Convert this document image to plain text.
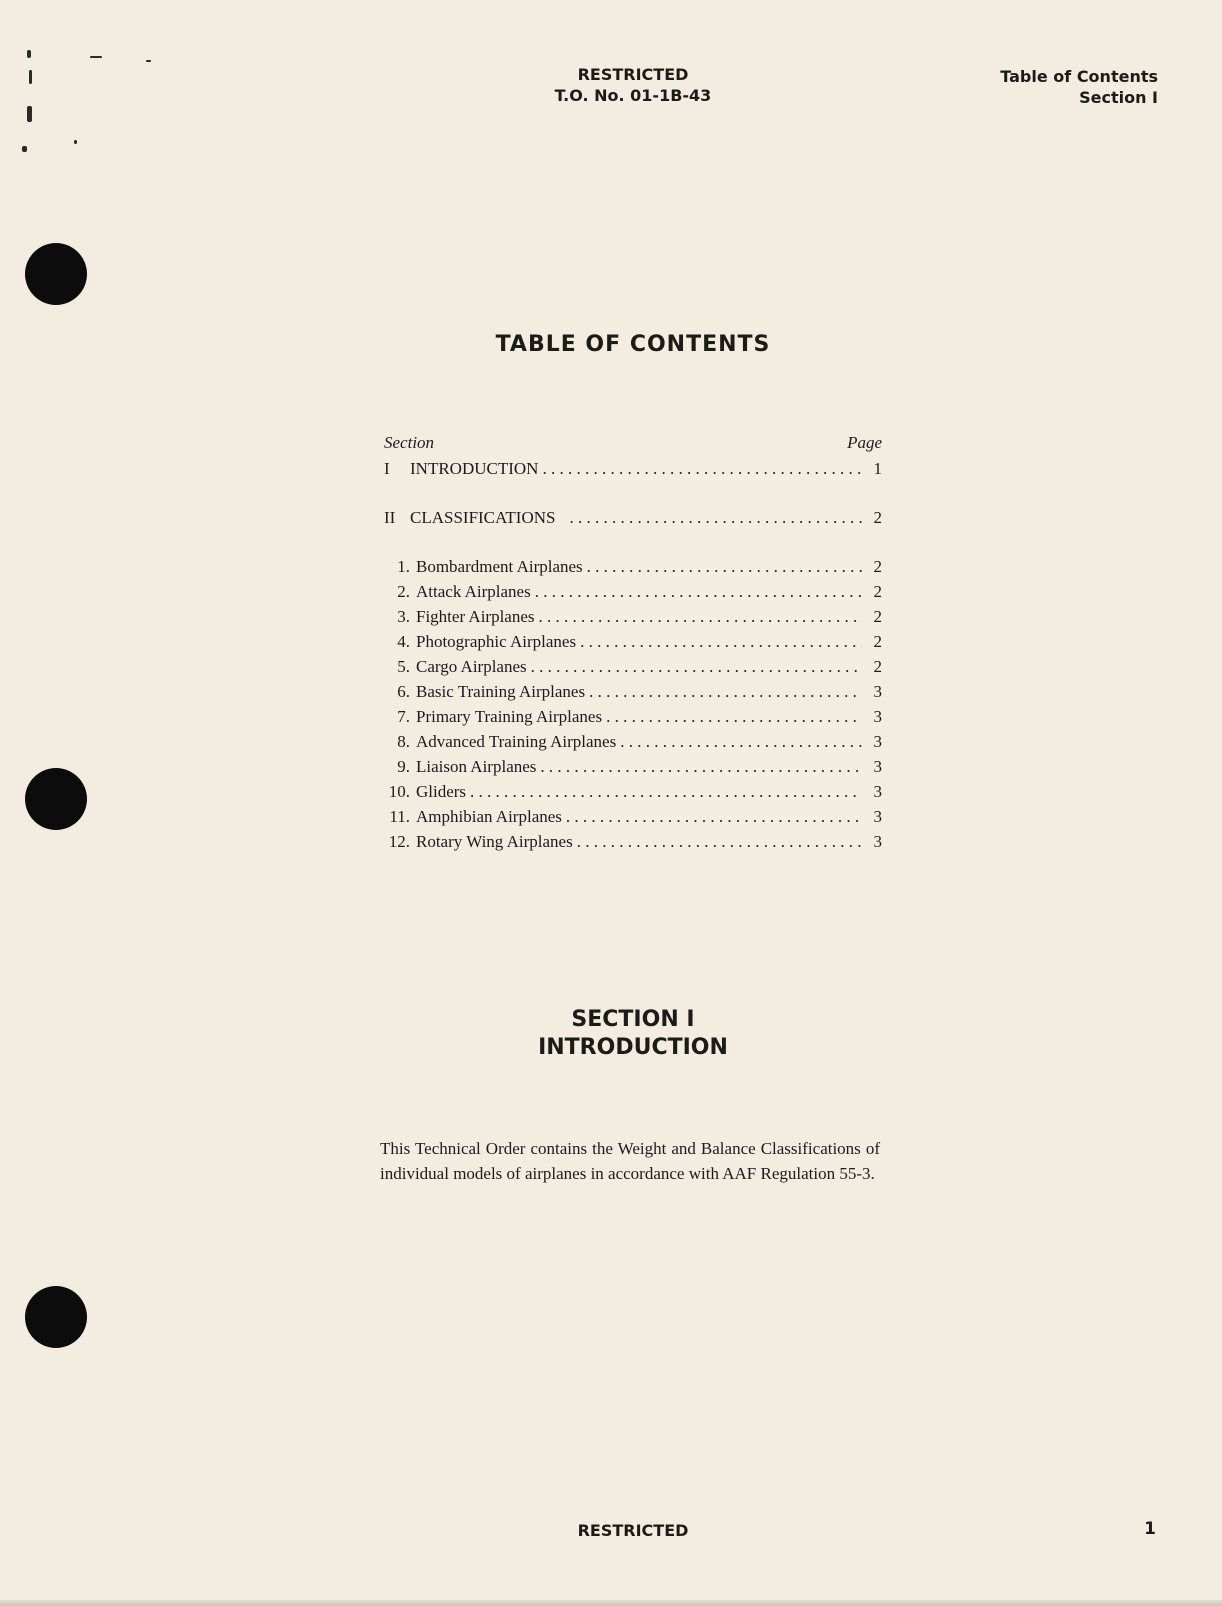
RESTRICTED
T.O. No. 01-1B-43
Table of Contents
Section I
TABLE OF CONTENTS
Section	Page
I	INTRODUCTION . . .	1
II CLASSIFICATIONS . . .	2
1. Bombardment Airplanes . . .	2
2. Attack Airplanes . . .	2
3. Fighter Airplanes . . .	2
4. Photographic Airplanes . . .	2
5. Cargo Airplanes . . .	2
6. Basic Training Airplanes . . .	3
7. Primary Training Airplanes . . .	3
8. Advanced Training Airplanes . . .	3
9. Liaison Airplanes . . .	3
10. Gliders . . .	3
11. Amphibian Airplanes . . .	3
12. Rotary Wing Airplanes . . .	3
SECTION I
INTRODUCTION

This Technical Order contains the Weight and Balance Classifications of individual models of airplanes in accordance with AAF Regulation 55-3.

RESTRICTED	1
